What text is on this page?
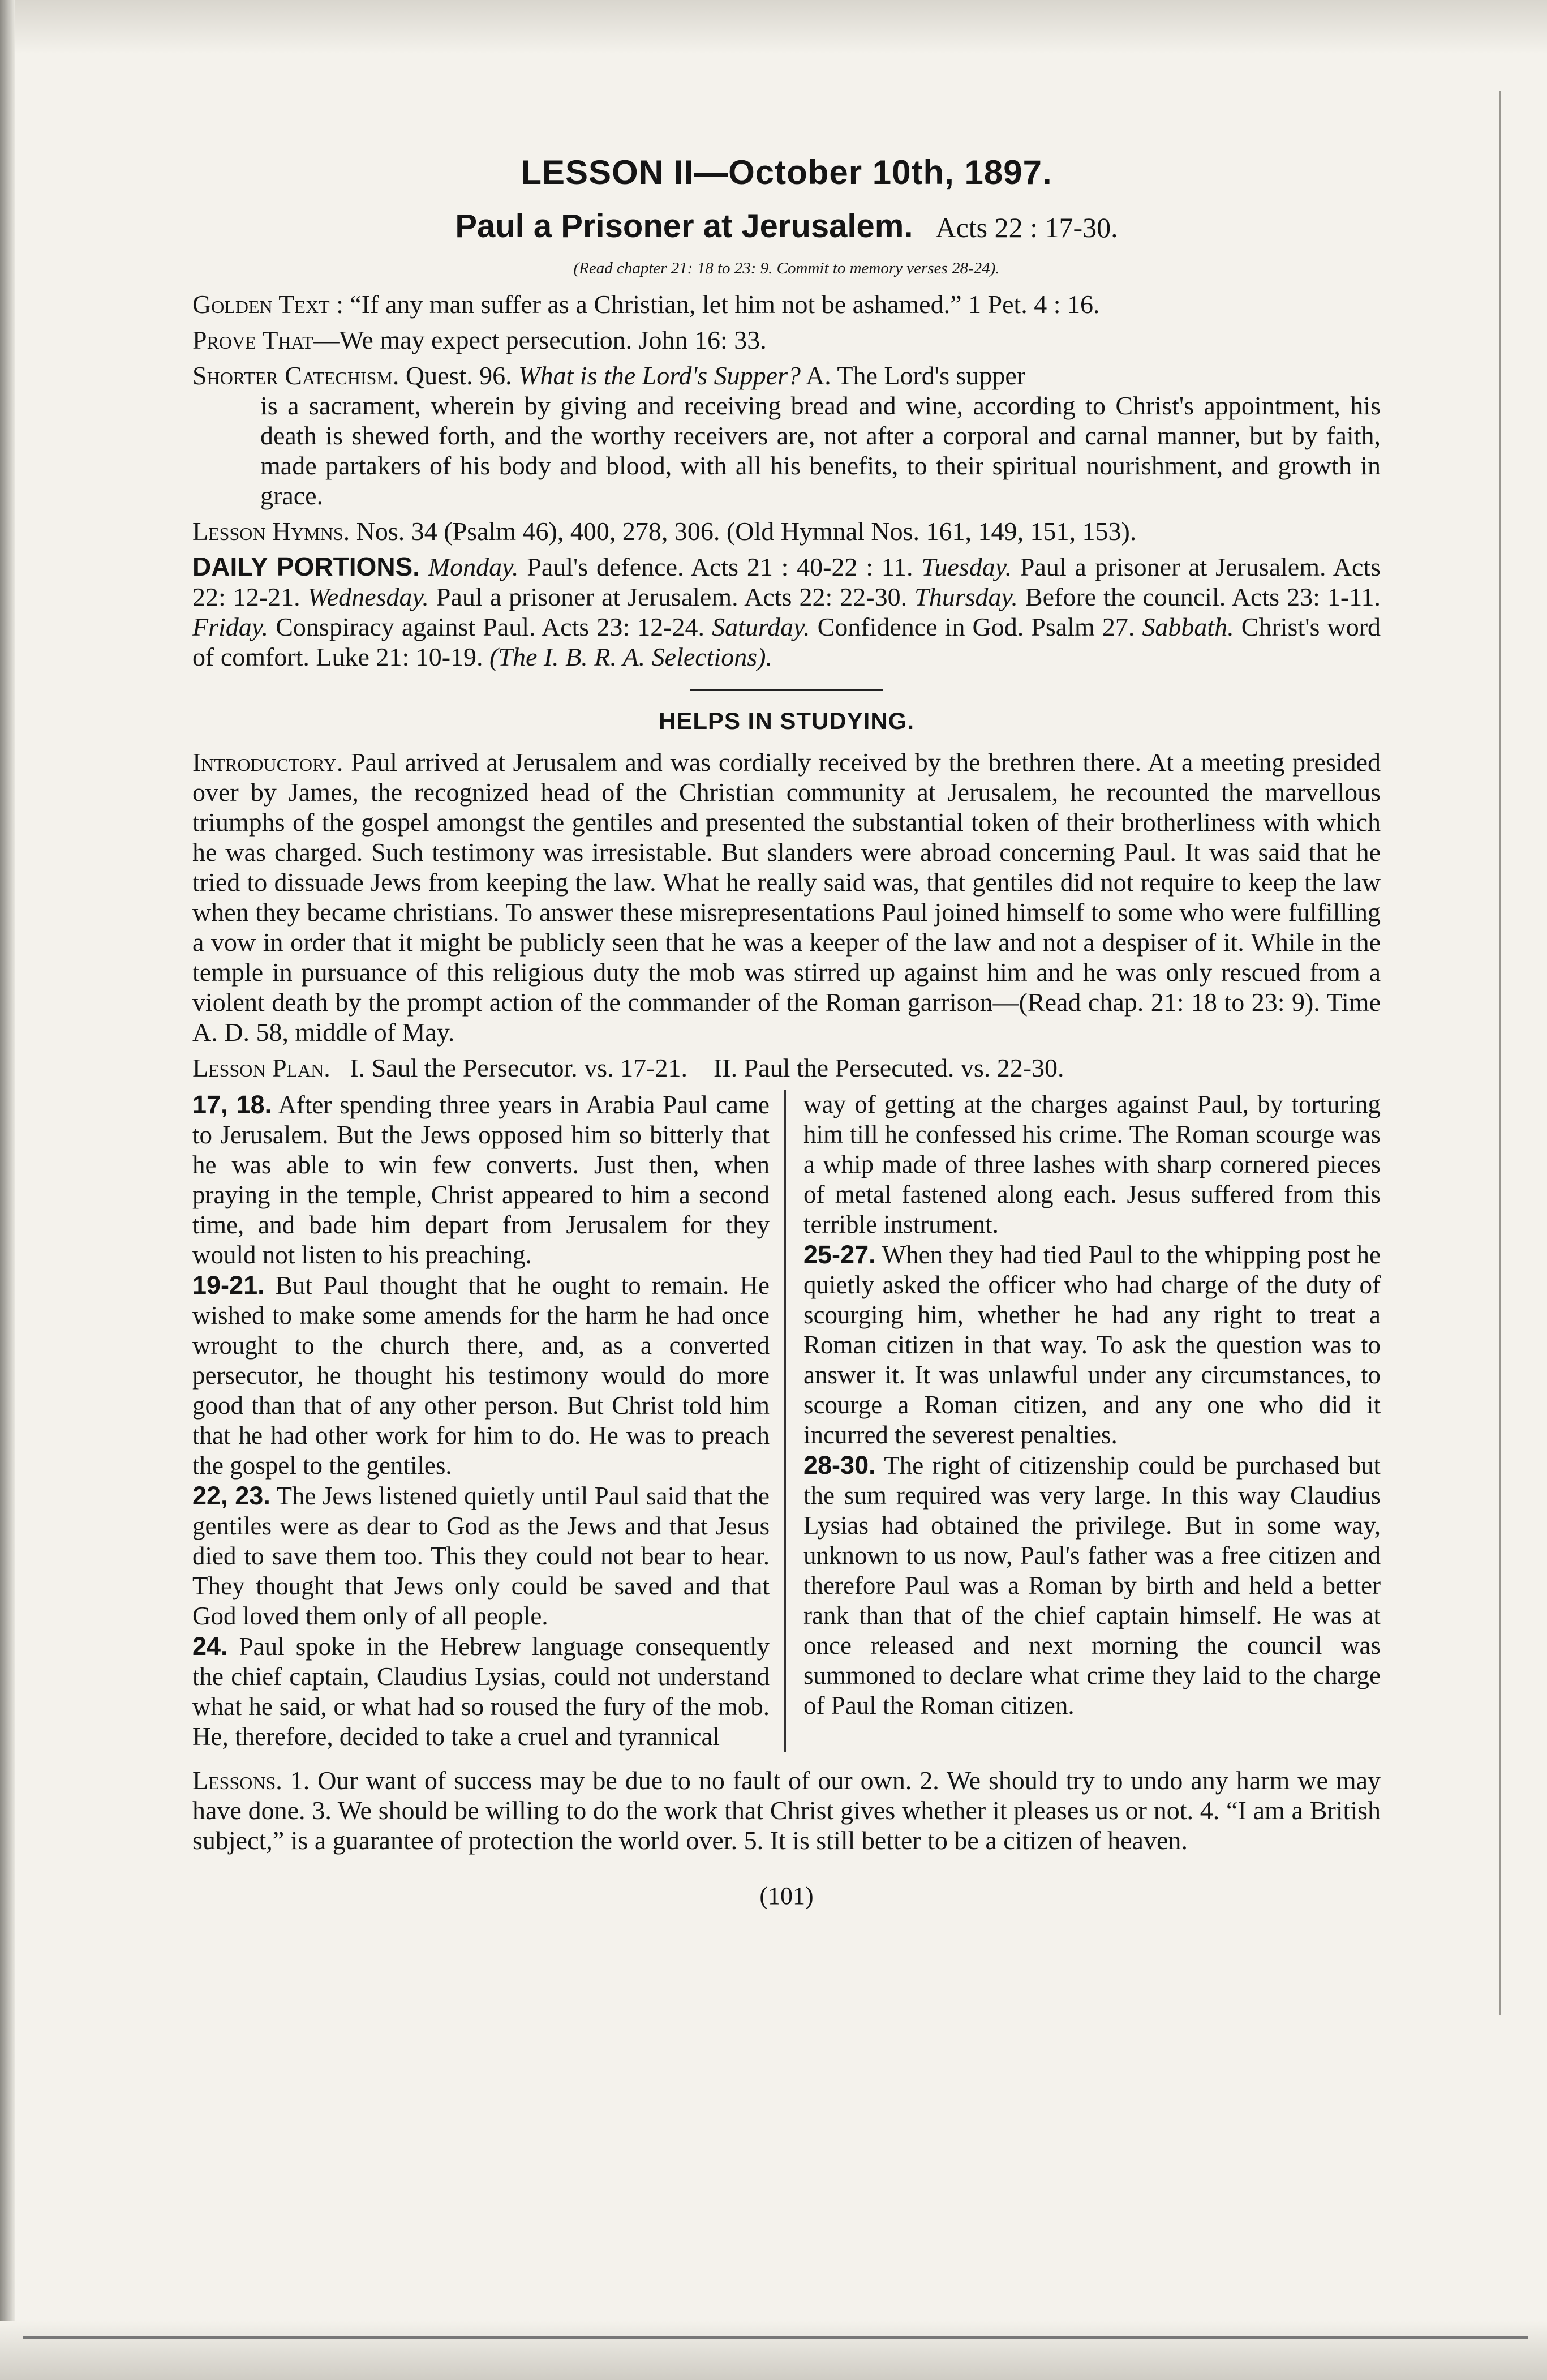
LESSON II—October 10th, 1897.

Paul a Prisoner at Jerusalem. Acts 22 : 17-30.

(Read chapter 21: 18 to 23: 9. Commit to memory verses 28-24).

Golden Text : “If any man suffer as a Christian, let him not be ashamed.” 1 Pet. 4 : 16.

Prove That—We may expect persecution. John 16: 33.

Shorter Catechism. Quest. 96. What is the Lord's Supper? A. The Lord's supper
is a sacrament, wherein by giving and receiving bread and wine, according to Christ's appointment, his death is shewed forth, and the worthy receivers are, not after a corporal and carnal manner, but by faith, made partakers of his body and blood, with all his benefits, to their spiritual nourishment, and growth in grace.

Lesson Hymns. Nos. 34 (Psalm 46), 400, 278, 306. (Old Hymnal Nos. 161, 149, 151, 153).

DAILY PORTIONS. Monday. Paul's defence. Acts 21 : 40-22 : 11. Tuesday. Paul a prisoner at Jerusalem. Acts 22: 12-21. Wednesday. Paul a prisoner at Jerusalem. Acts 22: 22-30. Thursday. Before the council. Acts 23: 1-11. Friday. Conspiracy against Paul. Acts 23: 12-24. Saturday. Confidence in God. Psalm 27. Sabbath. Christ's word of comfort. Luke 21: 10-19. (The I. B. R. A. Selections).

HELPS IN STUDYING.

Introductory. Paul arrived at Jerusalem and was cordially received by the brethren there. At a meeting presided over by James, the recognized head of the Christian community at Jerusalem, he recounted the marvellous triumphs of the gospel amongst the gentiles and presented the substantial token of their brotherliness with which he was charged. Such testimony was irresistable. But slanders were abroad concerning Paul. It was said that he tried to dissuade Jews from keeping the law. What he really said was, that gentiles did not require to keep the law when they became christians. To answer these misrepresentations Paul joined himself to some who were fulfilling a vow in order that it might be publicly seen that he was a keeper of the law and not a despiser of it. While in the temple in pursuance of this religious duty the mob was stirred up against him and he was only rescued from a violent death by the prompt action of the commander of the Roman garrison—(Read chap. 21: 18 to 23: 9). Time A. D. 58, middle of May.

Lesson Plan. I. Saul the Persecutor. vs. 17-21. II. Paul the Persecuted. vs. 22-30.

17, 18. After spending three years in Arabia Paul came to Jerusalem. But the Jews opposed him so bitterly that he was able to win few converts. Just then, when praying in the temple, Christ appeared to him a second time, and bade him depart from Jerusalem for they would not listen to his preaching.

19-21. But Paul thought that he ought to remain. He wished to make some amends for the harm he had once wrought to the church there, and, as a converted persecutor, he thought his testimony would do more good than that of any other person. But Christ told him that he had other work for him to do. He was to preach the gospel to the gentiles.

22, 23. The Jews listened quietly until Paul said that the gentiles were as dear to God as the Jews and that Jesus died to save them too. This they could not bear to hear. They thought that Jews only could be saved and that God loved them only of all people.

24. Paul spoke in the Hebrew language consequently the chief captain, Claudius Lysias, could not understand what he said, or what had so roused the fury of the mob. He, therefore, decided to take a cruel and tyrannical

way of getting at the charges against Paul, by torturing him till he confessed his crime. The Roman scourge was a whip made of three lashes with sharp cornered pieces of metal fastened along each. Jesus suffered from this terrible instrument.

25-27. When they had tied Paul to the whipping post he quietly asked the officer who had charge of the duty of scourging him, whether he had any right to treat a Roman citizen in that way. To ask the question was to answer it. It was unlawful under any circumstances, to scourge a Roman citizen, and any one who did it incurred the severest penalties.

28-30. The right of citizenship could be purchased but the sum required was very large. In this way Claudius Lysias had obtained the privilege. But in some way, unknown to us now, Paul's father was a free citizen and therefore Paul was a Roman by birth and held a better rank than that of the chief captain himself. He was at once released and next morning the council was summoned to declare what crime they laid to the charge of Paul the Roman citizen.

Lessons. 1. Our want of success may be due to no fault of our own. 2. We should try to undo any harm we may have done. 3. We should be willing to do the work that Christ gives whether it pleases us or not. 4. “I am a British subject,” is a guarantee of protection the world over. 5. It is still better to be a citizen of heaven.

(101)
